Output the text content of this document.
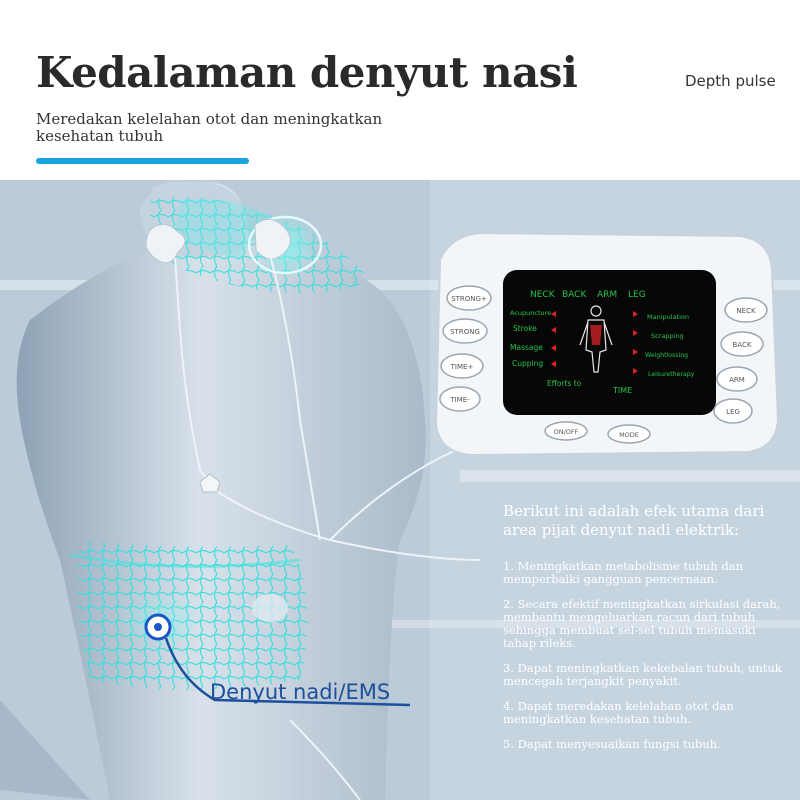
Kedalaman denyut nasi	Depth pulse
Meredakan kelelahan otot dan meningkatkan kesehatan tubuh
NECK BACK ARM LEG
Acupuncture
Stroke
Massage
Cupping
Manipulation
Scrapping
Weightlossing
Leisuretherapy
Efforts to
TIME
STRONG+
STRONG
TIME+
TIME-
NECK
BACK
ARM
LEG
ON/OFF	MODE
Denyut nadi/EMS
Berikut ini adalah efek utama dari area pijat denyut nadi elektrik:
1. Meningkatkan metabolisme tubuh dan memperbaiki gangguan pencernaan.
2. Secara efektif meningkatkan sirkulasi darah, membantu mengeluarkan racun dari tubuh sehingga membuat sel-sel tubuh memasuki tahap rileks.
3. Dapat meningkatkan kekebalan tubuh, untuk mencegah terjangkit penyakit.
4. Dapat meredakan kelelahan otot dan meningkatkan kesehatan tubuh.
5. Dapat menyesuaikan fungsi tubuh.
